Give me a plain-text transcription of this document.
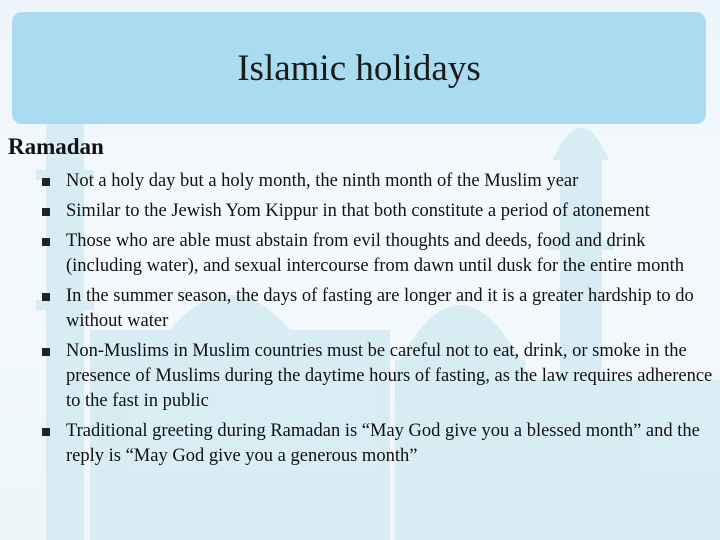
Islamic holidays
Ramadan
Not a holy day but a holy month, the ninth month of the Muslim year
Similar to the Jewish Yom Kippur in that both constitute a period of atonement
Those who are able must abstain from evil thoughts and deeds, food and drink (including water), and sexual intercourse from dawn until dusk for the entire month
In the summer season, the days of fasting are longer and it is a greater hardship to do without water
Non-Muslims in Muslim countries must be careful not to eat, drink, or smoke in the presence of Muslims during the daytime hours of fasting, as the law requires adherence to the fast in public
Traditional greeting during Ramadan is “May God give you a blessed month” and the reply is “May God give you a generous month”
